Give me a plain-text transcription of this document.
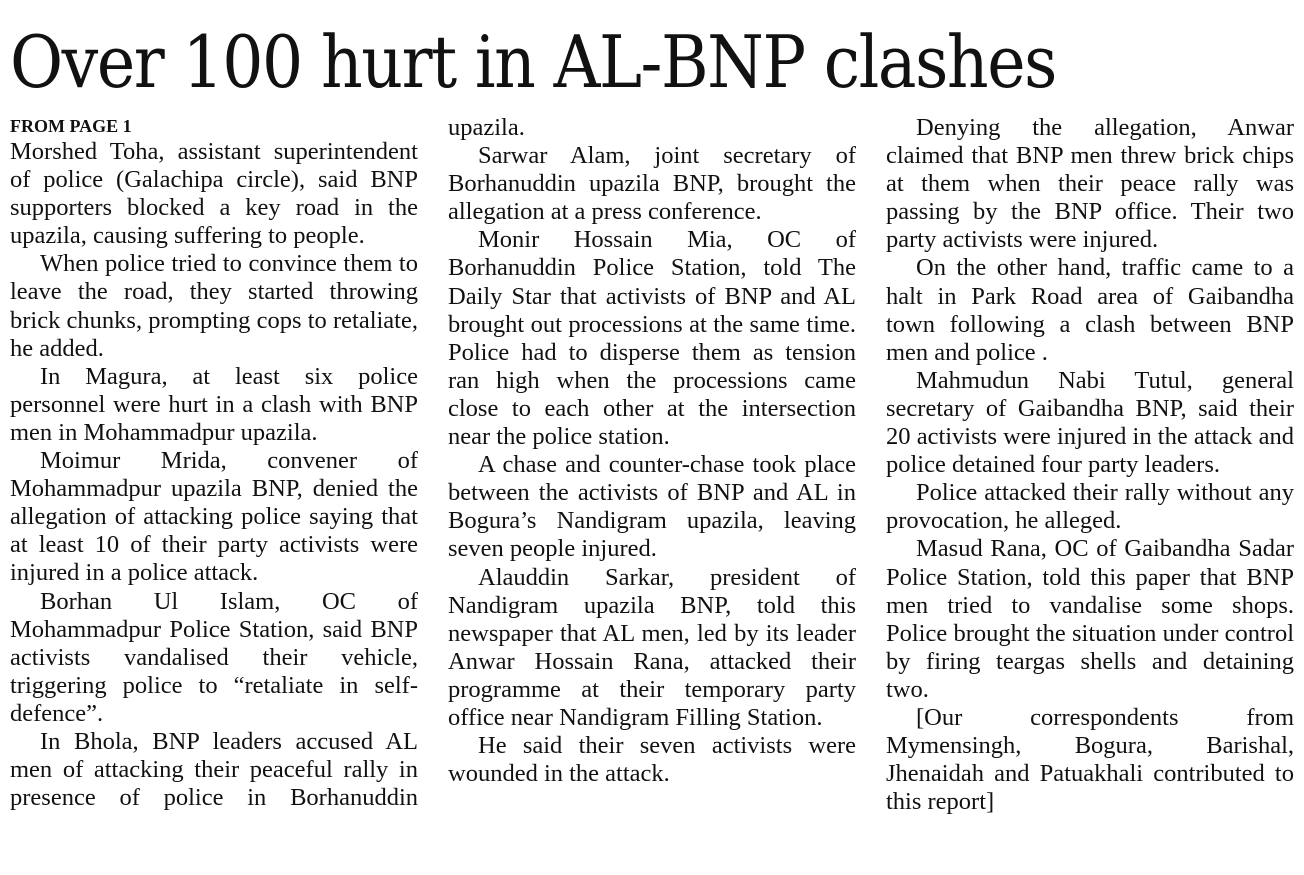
Over 100 hurt in AL-BNP clashes
FROM PAGE 1

Morshed Toha, assistant superintendent of police (Galachipa circle), said BNP supporters blocked a key road in the upazila, causing suffering to people.

When police tried to convince them to leave the road, they started throwing brick chunks, prompting cops to retaliate, he added.

In Magura, at least six police personnel were hurt in a clash with BNP men in Mohammadpur upazila.

Moimur Mrida, convener of Mohammadpur upazila BNP, denied the allegation of attacking police saying that at least 10 of their party activists were injured in a police attack.

Borhan Ul Islam, OC of Mohammadpur Police Station, said BNP activists vandalised their vehicle, triggering police to “retaliate in self-defence”.

In Bhola, BNP leaders accused AL men of attacking their peaceful rally in presence of police in Borhanuddin

upazila.

Sarwar Alam, joint secretary of Borhanuddin upazila BNP, brought the allegation at a press conference.

Monir Hossain Mia, OC of Borhanuddin Police Station, told The Daily Star that activists of BNP and AL brought out processions at the same time. Police had to disperse them as tension ran high when the processions came close to each other at the intersection near the police station.

A chase and counter-chase took place between the activists of BNP and AL in Bogura’s Nandigram upazila, leaving seven people injured.

Alauddin Sarkar, president of Nandigram upazila BNP, told this newspaper that AL men, led by its leader Anwar Hossain Rana, attacked their programme at their temporary party office near Nandigram Filling Station.

He said their seven activists were wounded in the attack.

Denying the allegation, Anwar claimed that BNP men threw brick chips at them when their peace rally was passing by the BNP office. Their two party activists were injured.

On the other hand, traffic came to a halt in Park Road area of Gaibandha town following a clash between BNP men and police .

Mahmudun Nabi Tutul, general secretary of Gaibandha BNP, said their 20 activists were injured in the attack and police detained four party leaders.

Police attacked their rally without any provocation, he alleged.

Masud Rana, OC of Gaibandha Sadar Police Station, told this paper that BNP men tried to vandalise some shops. Police brought the situation under control by firing teargas shells and detaining two.

[Our correspondents from Mymensingh, Bogura, Barishal, Jhenaidah and Patuakhali contributed to this report]
